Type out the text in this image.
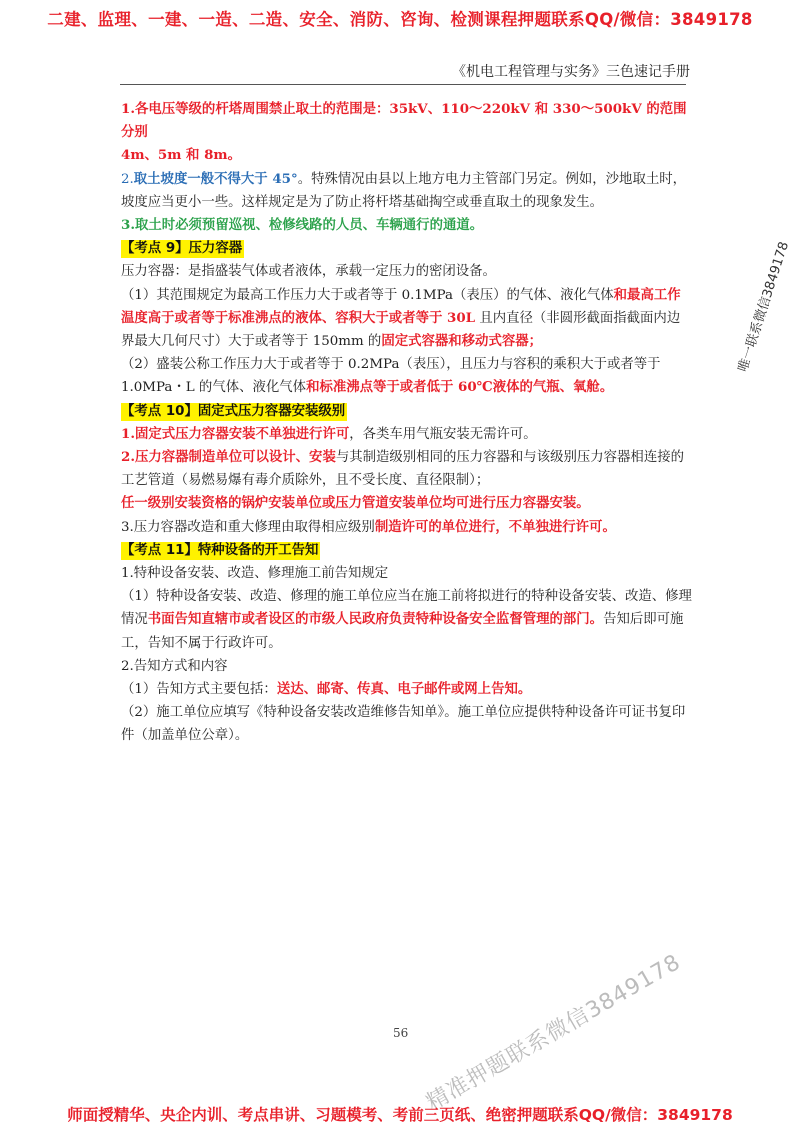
二建、监理、一建、一造、二造、安全、消防、咨询、检测课程押题联系QQ/微信：3849178
《机电工程管理与实务》三色速记手册

1.各电压等级的杆塔周围禁止取土的范围是：35kV、110～220kV 和 330～500kV 的范围分别
4m、5m 和 8m。

2.取土坡度一般不得大于 45°。特殊情况由县以上地方电力主管部门另定。例如，沙地取土时，坡度应当更小一些。这样规定是为了防止将杆塔基础掏空或垂直取土的现象发生。

3.取土时必须预留巡视、检修线路的人员、车辆通行的通道。

【考点 9】压力容器

压力容器：是指盛装气体或者液体，承载一定压力的密闭设备。

（1）其范围规定为最高工作压力大于或者等于 0.1MPa（表压）的气体、液化气体和最高工作温度高于或者等于标准沸点的液体、容积大于或者等于 30L 且内直径（非圆形截面指截面内边界最大几何尺寸）大于或者等于 150mm 的固定式容器和移动式容器；

（2）盛装公称工作压力大于或者等于 0.2MPa（表压），且压力与容积的乘积大于或者等于 1.0MPa・L 的气体、液化气体和标准沸点等于或者低于 60℃液体的气瓶、氧舱。

【考点 10】固定式压力容器安装级别

1.固定式压力容器安装不单独进行许可，各类车用气瓶安装无需许可。

2.压力容器制造单位可以设计、安装与其制造级别相同的压力容器和与该级别压力容器相连接的工艺管道（易燃易爆有毒介质除外，且不受长度、直径限制）；

任一级别安装资格的锅炉安装单位或压力管道安装单位均可进行压力容器安装。

3.压力容器改造和重大修理由取得相应级别制造许可的单位进行，不单独进行许可。

【考点 11】特种设备的开工告知

1.特种设备安装、改造、修理施工前告知规定

（1）特种设备安装、改造、修理的施工单位应当在施工前将拟进行的特种设备安装、改造、修理情况书面告知直辖市或者设区的市级人民政府负责特种设备安全监督管理的部门。告知后即可施工，告知不属于行政许可。

2.告知方式和内容

（1）告知方式主要包括：送达、邮寄、传真、电子邮件或网上告知。

（2）施工单位应填写《特种设备安装改造维修告知单》。施工单位应提供特种设备许可证书复印件（加盖单位公章）。

唯一联系微信3849178
精准押题联系微信3849178
56
师面授精华、央企内训、考点串讲、习题模考、考前三页纸、绝密押题联系QQ/微信：3849178
